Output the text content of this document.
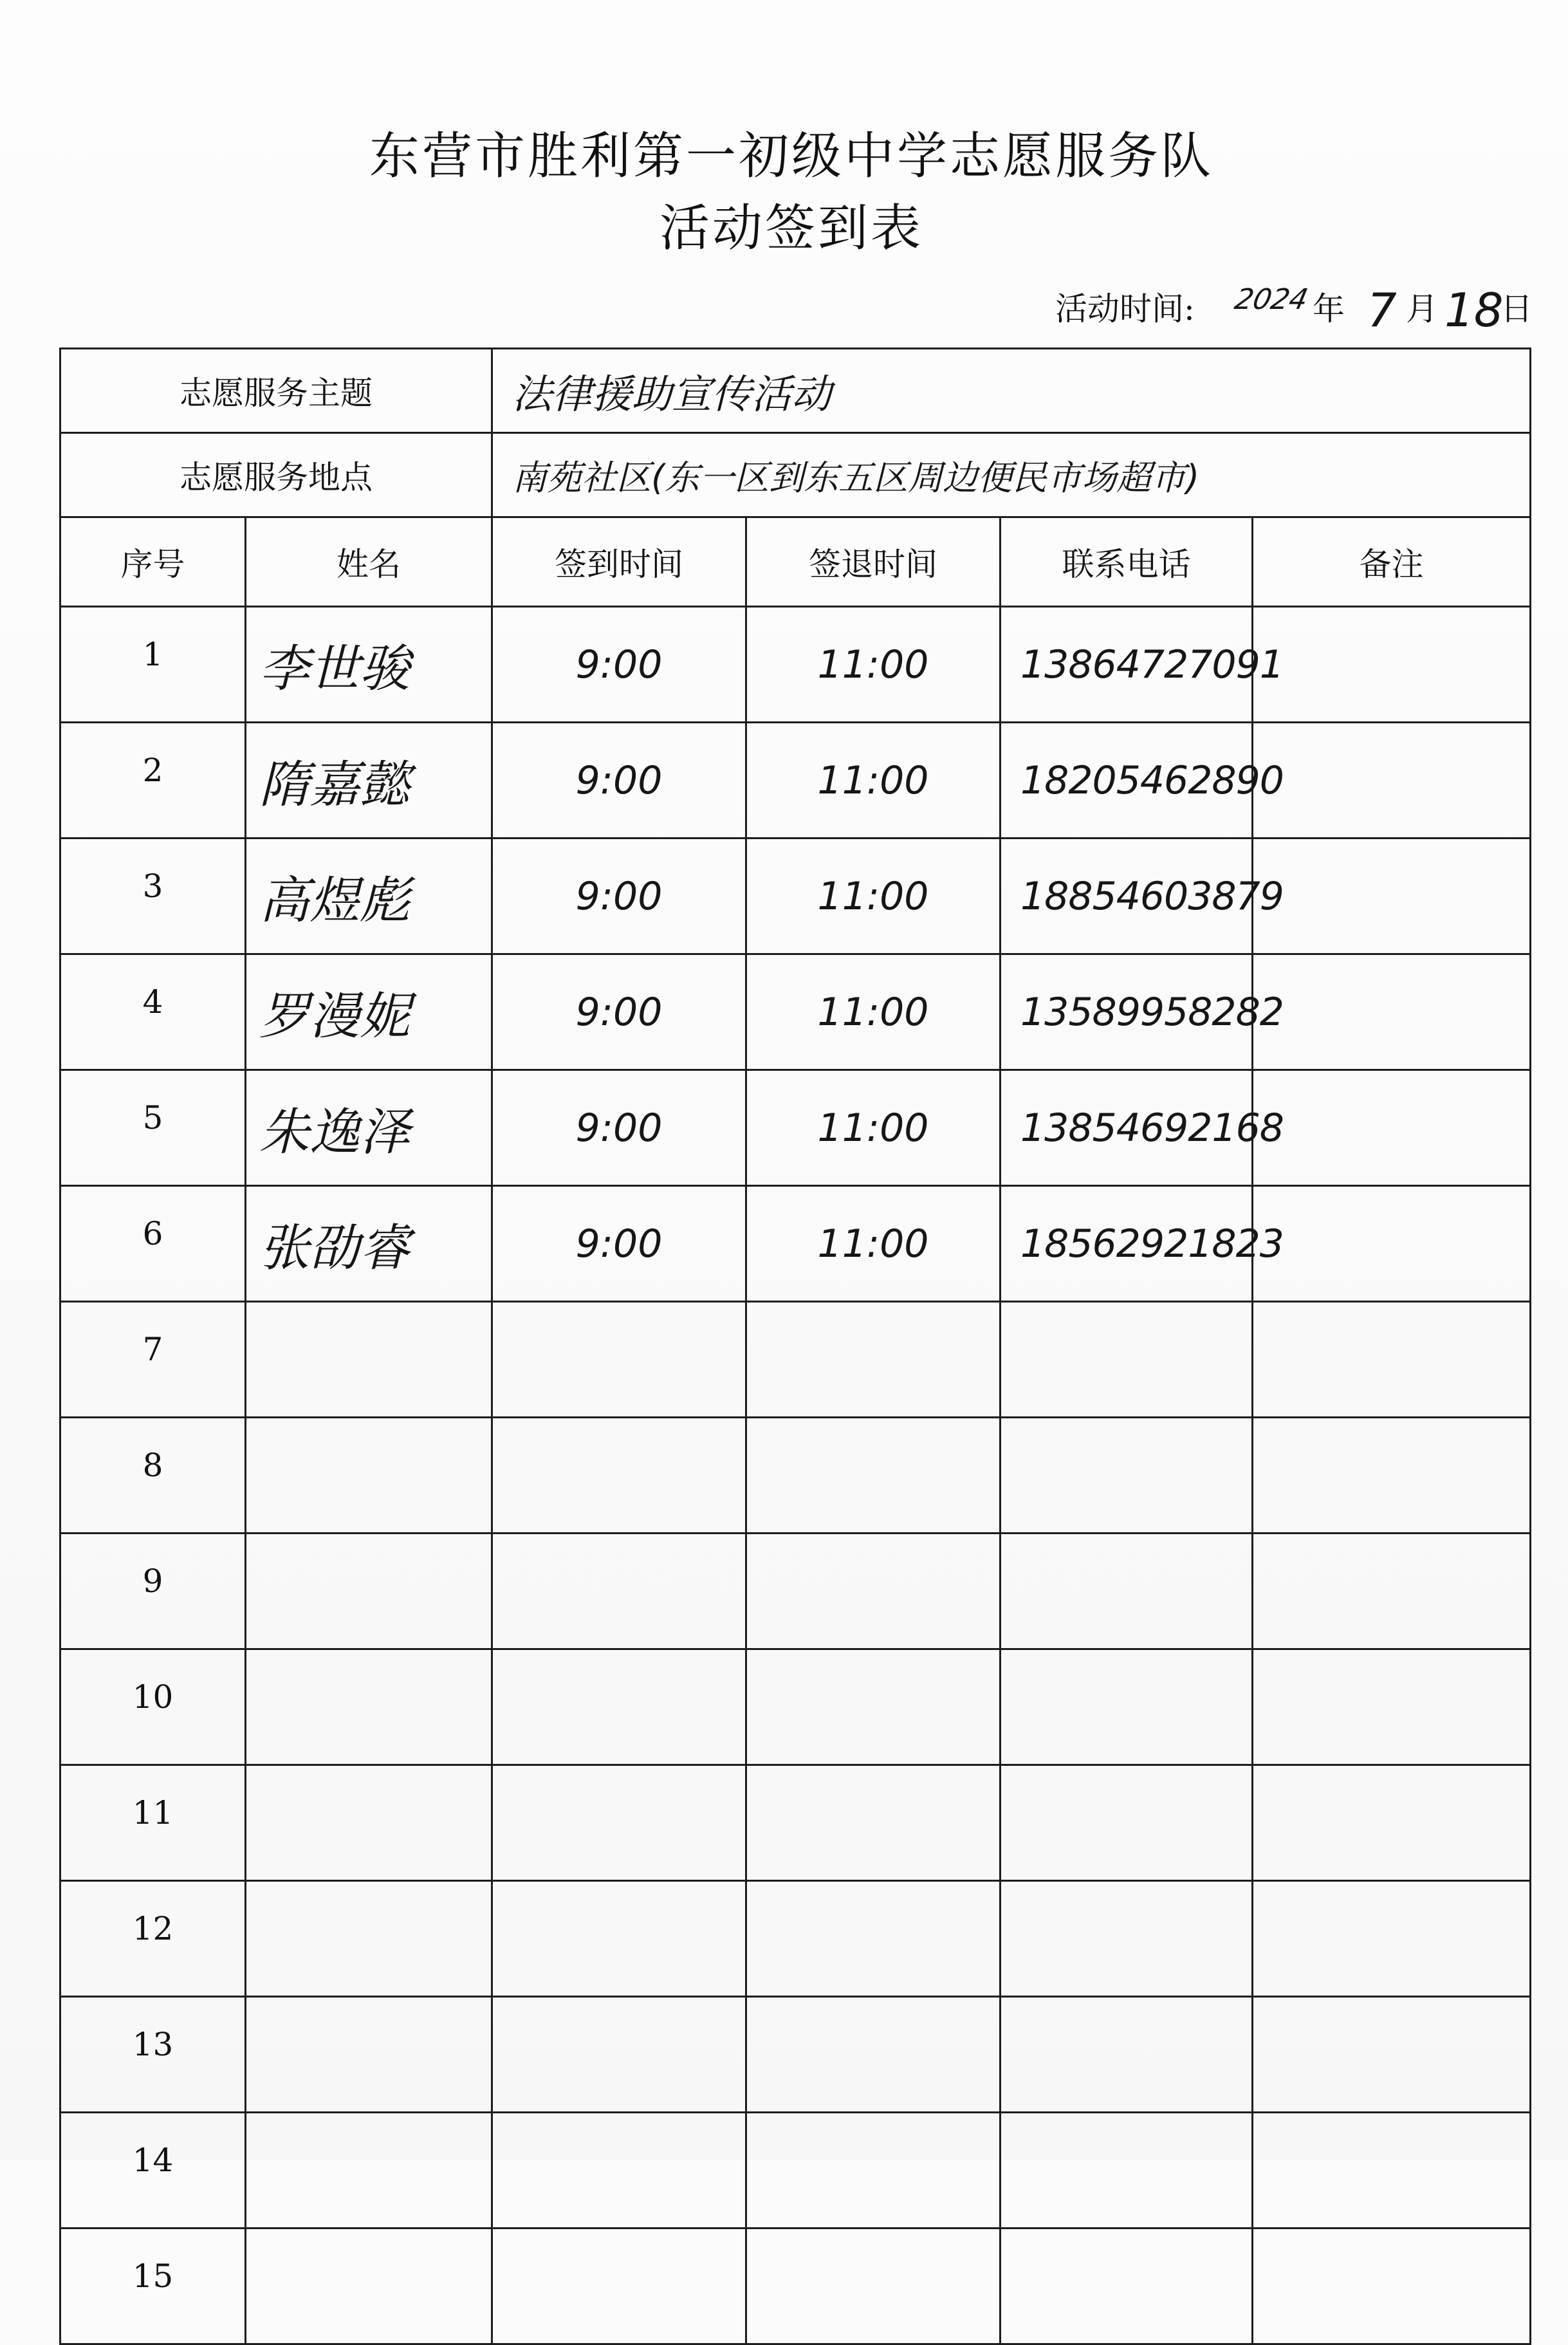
东营市胜利第一初级中学志愿服务队
活动签到表
活动时间: 2024 年 7 月 18
日
志愿服务主题		法律援助宣传活动			
志愿服务地点		南苑社区(东一区到东五区周边便民市场超市)			
序号	姓名	签到时间	签退时间	联系电话	备注
1	李世骏	9:00	11:00	13864727091	
2	隋嘉懿	9:00	11:00	18205462890	
3	高煜彪	9:00	11:00	18854603879	
4	罗漫妮	9:00	11:00	13589958282	
5	朱逸泽	9:00	11:00	13854692168	
6	张劭睿	9:00	11:00	18562921823	
7					
8					
9					
10					
11					
12					
13					
14					
15					
